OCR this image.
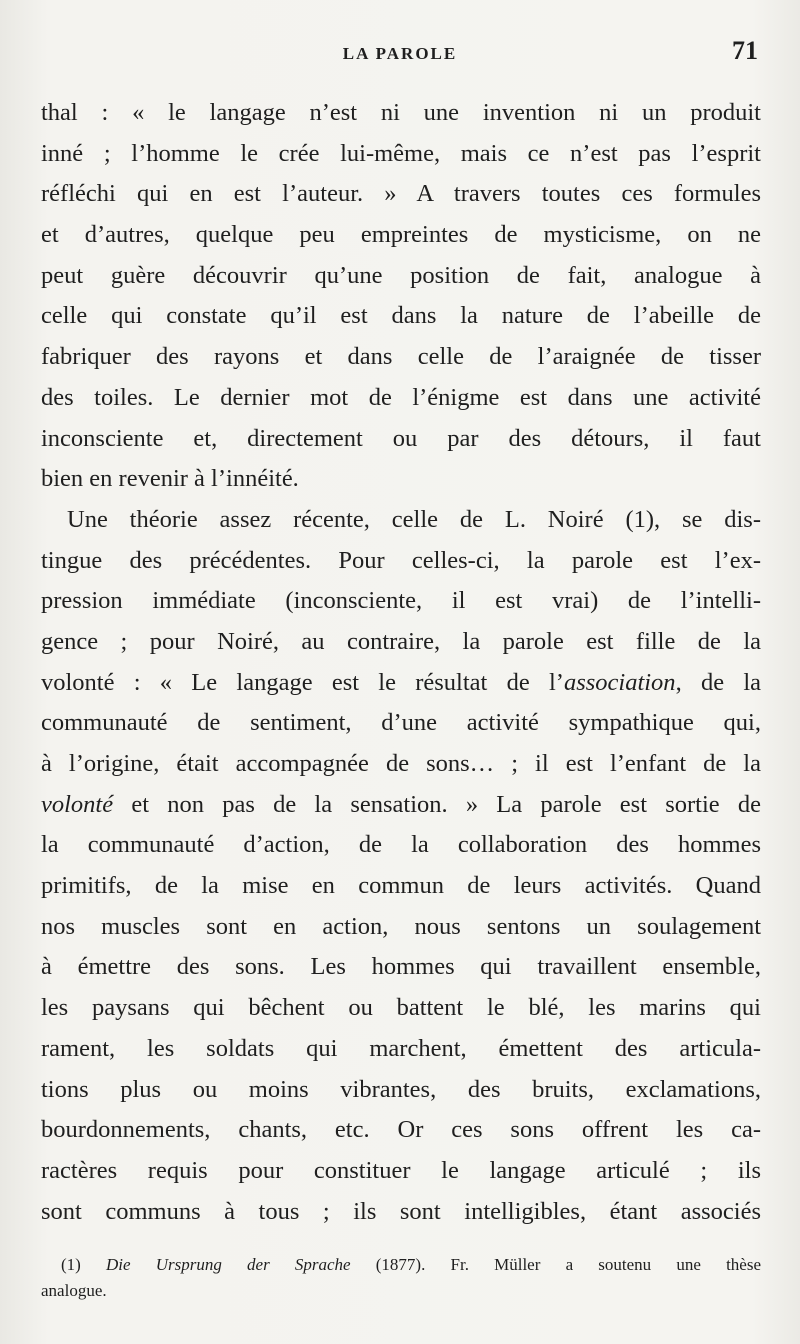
LA PAROLE	71
thal : « le langage n’est ni une invention ni un produit
inné ; l’homme le crée lui-même, mais ce n’est pas l’esprit
réfléchi qui en est l’auteur. » A travers toutes ces formules
et d’autres, quelque peu empreintes de mysticisme, on ne
peut guère découvrir qu’une position de fait, analogue à
celle qui constate qu’il est dans la nature de l’abeille de
fabriquer des rayons et dans celle de l’araignée de tisser
des toiles. Le dernier mot de l’énigme est dans une activité
inconsciente et, directement ou par des détours, il faut
bien en revenir à l’innéité.
Une théorie assez récente, celle de L. Noiré (1), se dis-
tingue des précédentes. Pour celles-ci, la parole est l’ex-
pression immédiate (inconsciente, il est vrai) de l’intelli-
gence ; pour Noiré, au contraire, la parole est fille de la
volonté : « Le langage est le résultat de l’association, de la
communauté de sentiment, d’une activité sympathique qui,
à l’origine, était accompagnée de sons… ; il est l’enfant de la
volonté et non pas de la sensation. » La parole est sortie de
la communauté d’action, de la collaboration des hommes
primitifs, de la mise en commun de leurs activités. Quand
nos muscles sont en action, nous sentons un soulagement
à émettre des sons. Les hommes qui travaillent ensemble,
les paysans qui bêchent ou battent le blé, les marins qui
rament, les soldats qui marchent, émettent des articula-
tions plus ou moins vibrantes, des bruits, exclamations,
bourdonnements, chants, etc. Or ces sons offrent les ca-
ractères requis pour constituer le langage articulé ; ils
sont communs à tous ; ils sont intelligibles, étant associés
(1) Die Ursprung der Sprache (1877). Fr. Müller a soutenu une thèse
analogue.
